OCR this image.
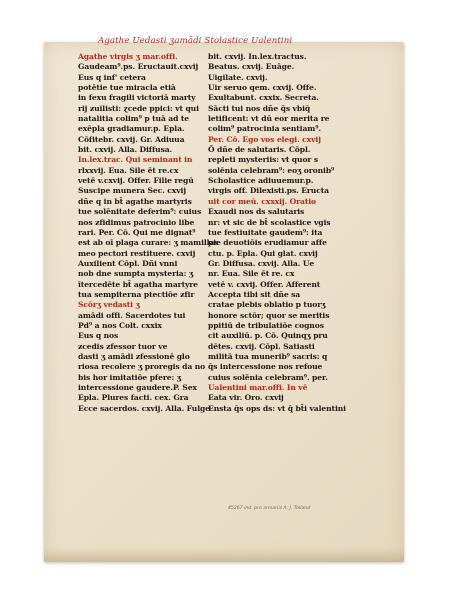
Agathe Uedasti ʒamādi Stolastice Ualentini
Agathe virgis ʒ mar.offi.
Gaudeam⁹.ps. Eructauit.cxvij
Eus q inf' cetera
potētie tue miracla etiā
in fexu fragili victoriā marty
rij ƶuilisti: ɀcede ppici: vt qui
natalitia colim⁹ p tuā ad te
exēpla gradiamur.p. Epla.
Cōfitebr. cxvij. Gr. Adiuua
bit. cxvij. Alla. Diffusa.
In.lex.trac. Qui seminant in
rlxxvij. Eua. Sile ēt re.cx
vetē v.cxvij. Offer. Filie regū
Suscipe munera Sec. cxvij
dñe q in bt̄ agathe martyris
tue solēnitate deferim⁹: cuius
nos ƶfidimus patrocinio libe
rari. Per. Cō. Qui me dignat⁹
est ab oī plaga curare: ʒ mamillas
meo pectori restituere. cxvij
Auxilient Cōpl. Dñi vnni
nob dne sumpta mysteria: ʒ
ītercedēte bt̄ agatha martyre
tua sempiterna ptectiōe ƶfir
Scōrʒ vedasti ʒ
amādi offi. Sacerdotes tui
Pd⁹ a nos Colt. cxxix
Eus q nos
ƶcedis ƶfessor tuor ve
dasti ʒ amādi ƶfessionē glo
riosa recolere ʒ proregis da no
bis hor imitatiōe pfere: ʒ
intercessione gaudere.P. Sex
Epla. Plures facti. cex. Gra
Ecce sacerdos. cxvij. Alla. Fulge
bit. cxvij. In.lex.tractus.
Beatus. cxvij. Euāge.
Uigilate. cxvij.
Uir seruo qem. cxvij. Offe.
Exultabunt. cxxix. Secreta.
Sācti tui nos dñe q̄s vbiq̄
letificent: vt dū eor merita re
colim⁹ patrocinia sentiam⁹.
Per. Cō. Ego vos elegi. cxvij
Ō dñe de salutaris. Cōpl.
repleti mysteriis: vt quor s
solēnia celebram⁹: eoʒ oronib⁹
Scholastice adiuuemur.p.
virgis off. Dilexisti.ps. Eructa
uit cor meū. cxxxij. Oratio
Exaudi nos ds salutaris
nr: vt sic de bt̄ scolastice vgis
tue festiuitate gaudem⁹: ita
pie deuotiōis erudiamur affe
ctu. p. Epla. Qui glat. cxvij
Gr. Diffusa. cxvij. Alla. Ue
nr. Eua. Sile ēt re. cx
vetē v. cxvij. Offer. Afferent
Accepta tibi sit dñe sa
cratae plebis oblatio p tuorʒ
honore sctōr; quor se meritis
ppitiū de tribulatiōe cognos
cit auxiliū. p. Cō. Quinqʒ pru
dētes. cxvij. Cōpl. Satiasti
militā tua munerib⁹ sacris: q
q̄s intercessione nos refoue
cuius solēnia celebram⁹. per.
Ualentini mar.offi. In vē
Eata vir. Oro. cxvij
Ensta q̄s ops ds: vt q̄ bt̄i valentini
45267 ind. pro armariis A. J. Tolland
